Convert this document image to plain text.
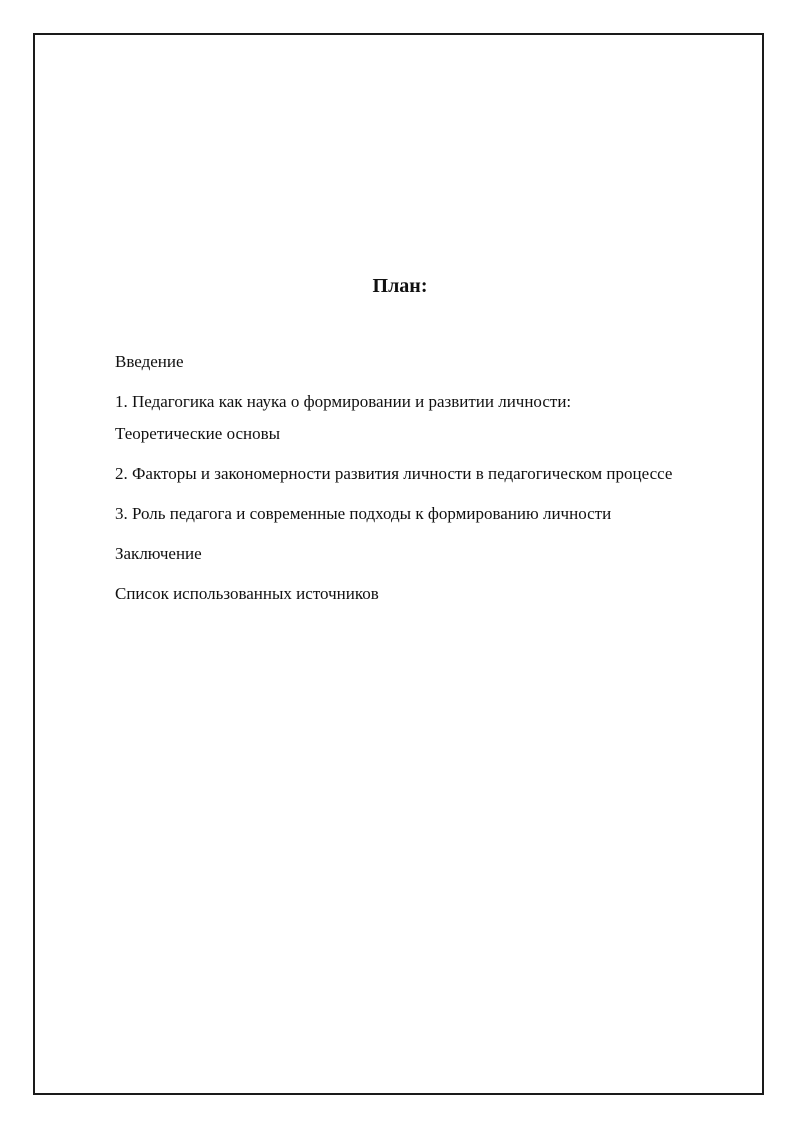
План:
Введение
1. Педагогика как наука о формировании и развитии личности:
Теоретические основы
2. Факторы и закономерности развития личности в педагогическом процессе
3. Роль педагога и современные подходы к формированию личности
Заключение
Список использованных источников
